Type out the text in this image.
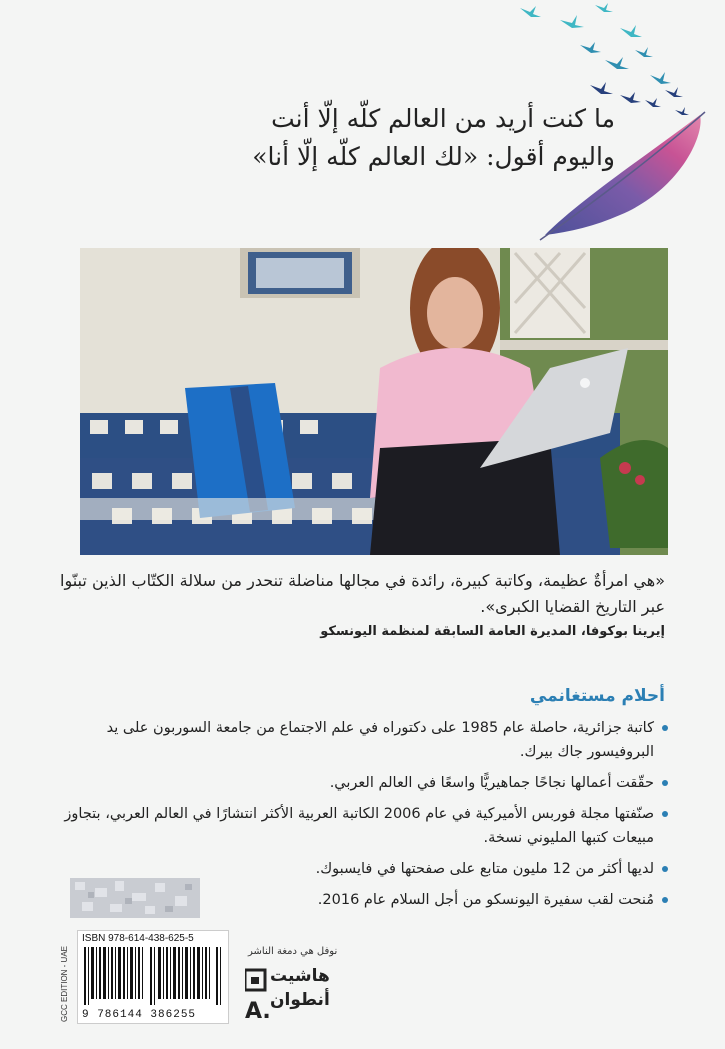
ما كنت أريد من العالم كلّه إلّا أنت
واليوم أقول: «لك العالم كلّه إلّا أنا»
«هي امرأةٌ عظيمة، وكاتبة كبيرة، رائدة في مجالها مناضلة تنحدر من سلالة الكتّاب الذين تبنّوا عبر التاريخ القضايا الكبرى».
إيرينا بوكوفا، المديرة العامة السابقة لمنظمة اليونسكو
أحلام مستغانمي
كاتبة جزائرية، حاصلة عام 1985 على دكتوراه في علم الاجتماع من جامعة السوربون على يد البروفيسور جاك بيرك.
حقّقت أعمالها نجاحًا جماهيريًّا واسعًا في العالم العربي.
صنّفتها مجلة فوربس الأميركية في عام 2006 الكاتبة العربية الأكثر انتشارًا في العالم العربي، بتجاوز مبيعات كتبها المليوني نسخة.
لديها أكثر من 12 مليون متابع على صفحتها في فايسبوك.
مُنحت لقب سفيرة اليونسكو من أجل السلام عام 2016.
GCC EDITION - UAE
ISBN 978-614-438-625-5
9 786144 386255
نوفل هي دمغة الناشر
A.
هاشيت
أنطوان
